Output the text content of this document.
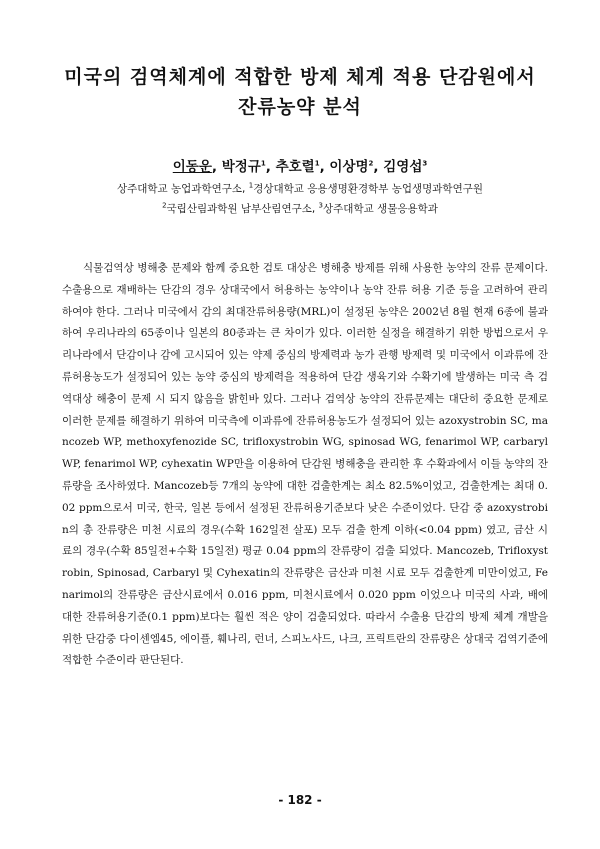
미국의 검역체계에 적합한 방제 체계 적용 단감원에서
잔류농약 분석
이동운, 박정규$^1$, 추호렬$^1$, 이상명$^2$, 김영섭$^3$
상주대학교 농업과학연구소, $^1$경상대학교 응용생명환경학부 농업생명과학연구원
$^2$국립산림과학원 남부산림연구소, $^3$상주대학교 생물응용학과

식물검역상 병해충 문제와 함께 중요한 검토 대상은 병해충 방제를 위해 사용한 농약의 잔류 문제이다. 수출용으로 재배하는 단감의 경우 상대국에서 허용하는 농약이나 농약 잔류 허용 기준 등을 고려하여 관리하여야 한다. 그러나 미국에서 감의 최대잔류허용량(MRL)이 설정된 농약은 2002년 8월 현재 6종에 불과하여 우리나라의 65종이나 일본의 80종과는 큰 차이가 있다. 이러한 실정을 해결하기 위한 방법으로서 우리나라에서 단감이나 감에 고시되어 있는 약제 중심의 방제력과 농가 관행 방제력 및 미국에서 이과류에 잔류허용농도가 설정되어 있는 농약 중심의 방제력을 적용하여 단감 생육기와 수확기에 발생하는 미국 측 검역대상 해충이 문제 시 되지 않음을 밝힌바 있다. 그러나 검역상 농약의 잔류문제는 대단히 중요한 문제로 이러한 문제를 해결하기 위하여 미국측에 이과류에 잔류허용농도가 설정되어 있는 azoxystrobin SC, mancozeb WP, methoxyfenozide SC, trifloxystrobin WG, spinosad WG, fenarimol WP, carbaryl WP, fenarimol WP, cyhexatin WP만을 이용하여 단감원 병해충을 관리한 후 수확과에서 이들 농약의 잔류량을 조사하였다. Mancozeb등 7개의 농약에 대한 검출한계는 최소 82.5%이었고, 검출한계는 최대 0.02 ppm으로서 미국, 한국, 일본 등에서 설정된 잔류허용기준보다 낮은 수준이었다. 단감 중 azoxystrobin의 총 잔류량은 미천 시료의 경우(수확 162일전 살포) 모두 검출 한계 이하(<0.04 ppm) 였고, 금산 시료의 경우(수확 85일전+수확 15일전) 평균 0.04 ppm의 잔류량이 검출 되었다. Mancozeb, Trifloxystrobin, Spinosad, Carbaryl 및 Cyhexatin의 잔류량은 금산과 미천 시료 모두 검출한계 미만이었고, Fenarimol의 잔류량은 금산시료에서 0.016 ppm, 미천시료에서 0.020 ppm 이었으나 미국의 사과, 배에 대한 잔류허용기준(0.1 ppm)보다는 훨씬 적은 양이 검출되었다. 따라서 수출용 단감의 방제 체계 개발을 위한 단감중 다이센엠45, 에이플, 훼나리, 런너, 스피노사드, 나크, 프릭트란의 잔류량은 상대국 검역기준에 적합한 수준이라 판단된다.

- 182 -
